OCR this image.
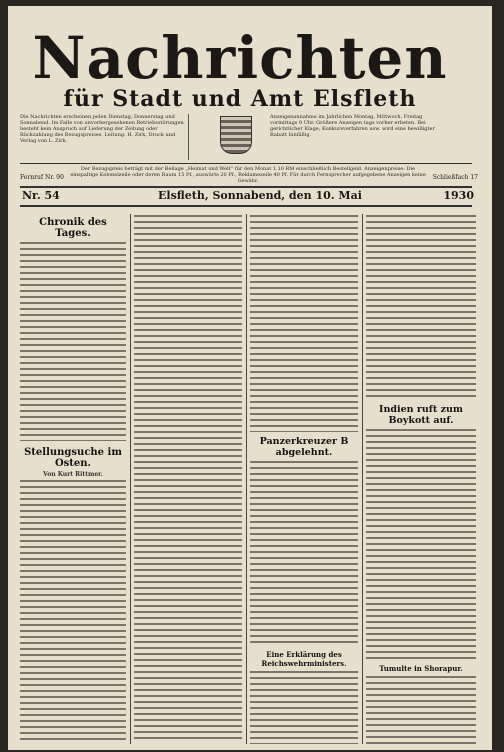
Nachrichten
für Stadt und Amt Elsfleth
Die Nachrichten erscheinen jeden Dienstag, Donnerstag und Sonnabend. Im Falle von unvorhergesehenen Betriebsstörungen besteht kein Anspruch auf Lieferung der Zeitung oder Rückzahlung des Bezugspreises. Leitung: H. Zirk, Druck und Verlag von L. Zirk.
Anzeigenannahme im Jahrlichen Montag, Mittwoch, Freitag vormittags 9 Uhr. Größere Anzeigen tags vorher erbeten. Bei gerichtlicher Klage, Konkursverfahren usw. wird eine bewilligter Rabatt hinfällig.
Der Bezugspreis beträgt mit der Beilage „Heimat und Welt“ für den Monat 1.10 RM einschließlich Bestellgeld. Anzeigenpreise: Die einspaltige Kolonelzeile oder deren Raum 15 Pf., auswärts 20 Pf., Reklamezeile 40 Pf. Für durch Fernsprecher aufgegebene Anzeigen keine Gewähr.
Fernruf Nr. 90	Schließfach 17
Nr. 54	Elsfleth, Sonnabend, den 10. Mai	1930
Chronik des Tages.
Stellungsuche im Osten.
Von Kurt Rittmer.
Panzerkreuzer B abgelehnt.
Eine Erklärung des Reichswehrministers.
Indien ruft zum Boykott auf.
Tumulte in Shorapur.
